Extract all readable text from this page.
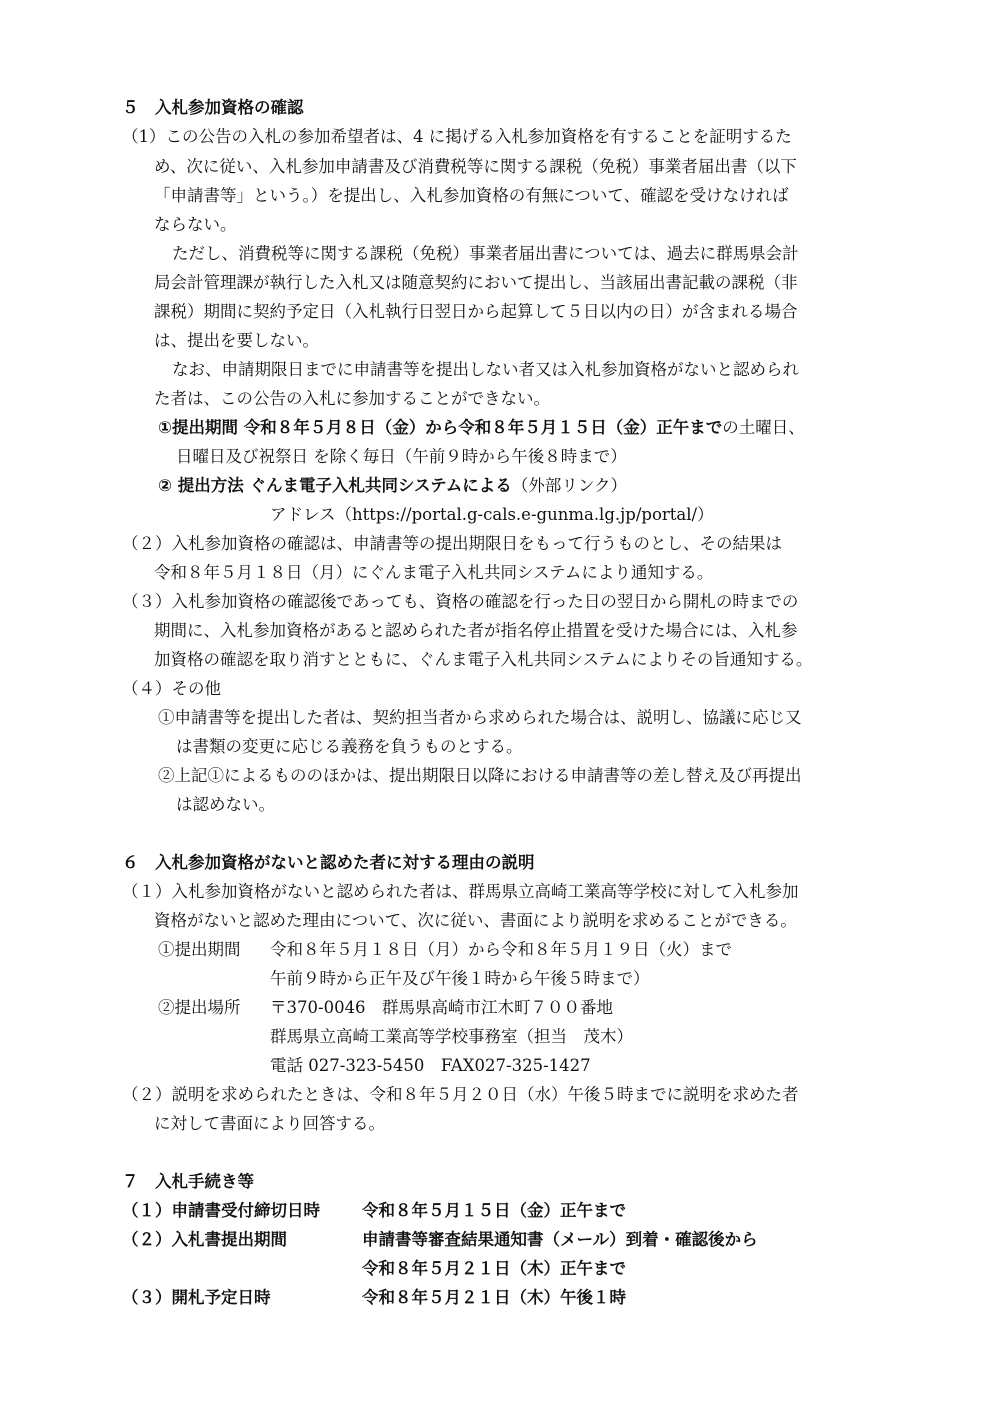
５　入札参加資格の確認
（1）この公告の入札の参加希望者は、4 に掲げる入札参加資格を有することを証明するた
め、次に従い、入札参加申請書及び消費税等に関する課税（免税）事業者届出書（以下
「申請書等」という。）を提出し、入札参加資格の有無について、確認を受けなければ
ならない。
ただし、消費税等に関する課税（免税）事業者届出書については、過去に群馬県会計
局会計管理課が執行した入札又は随意契約において提出し、当該届出書記載の課税（非
課税）期間に契約予定日（入札執行日翌日から起算して５日以内の日）が含まれる場合
は、提出を要しない。
なお、申請期限日までに申請書等を提出しない者又は入札参加資格がないと認められ
た者は、この公告の入札に参加することができない。
①提出期間 令和８年５月８日（金）から令和８年５月１５日（金）正午までの土曜日、
日曜日及び祝祭日 を除く毎日（午前９時から午後８時まで）
② 提出方法 ぐんま電子入札共同システムによる（外部リンク）
アドレス（https://portal.g-cals.e-gunma.lg.jp/portal/）
（２）入札参加資格の確認は、申請書等の提出期限日をもって行うものとし、その結果は
令和８年５月１８日（月）にぐんま電子入札共同システムにより通知する。
（３）入札参加資格の確認後であっても、資格の確認を行った日の翌日から開札の時までの
期間に、入札参加資格があると認められた者が指名停止措置を受けた場合には、入札参
加資格の確認を取り消すとともに、ぐんま電子入札共同システムによりその旨通知する。
（４）その他
①申請書等を提出した者は、契約担当者から求められた場合は、説明し、協議に応じ又
は書類の変更に応じる義務を負うものとする。
②上記①によるもののほかは、提出期限日以降における申請書等の差し替え及び再提出
は認めない。
６　入札参加資格がないと認めた者に対する理由の説明
（１）入札参加資格がないと認められた者は、群馬県立高崎工業高等学校に対して入札参加
資格がないと認めた理由について、次に従い、書面により説明を求めることができる。
①提出期間 令和８年５月１８日（月）から令和８年５月１９日（火）まで
午前９時から正午及び午後１時から午後５時まで）
②提出場所 〒370-0046　群馬県高崎市江木町７００番地
群馬県立高崎工業高等学校事務室（担当　茂木）
電話 027-323-5450　FAX027-325-1427
（２）説明を求められたときは、令和８年５月２０日（水）午後５時までに説明を求めた者
に対して書面により回答する。
７　入札手続き等
（１）申請書受付締切日時	令和８年５月１５日（金）正午まで
（２）入札書提出期間	申請書等審査結果通知書（メール）到着・確認後から
令和８年５月２１日（木）正午まで
（３）開札予定日時	令和８年５月２１日（木）午後１時
